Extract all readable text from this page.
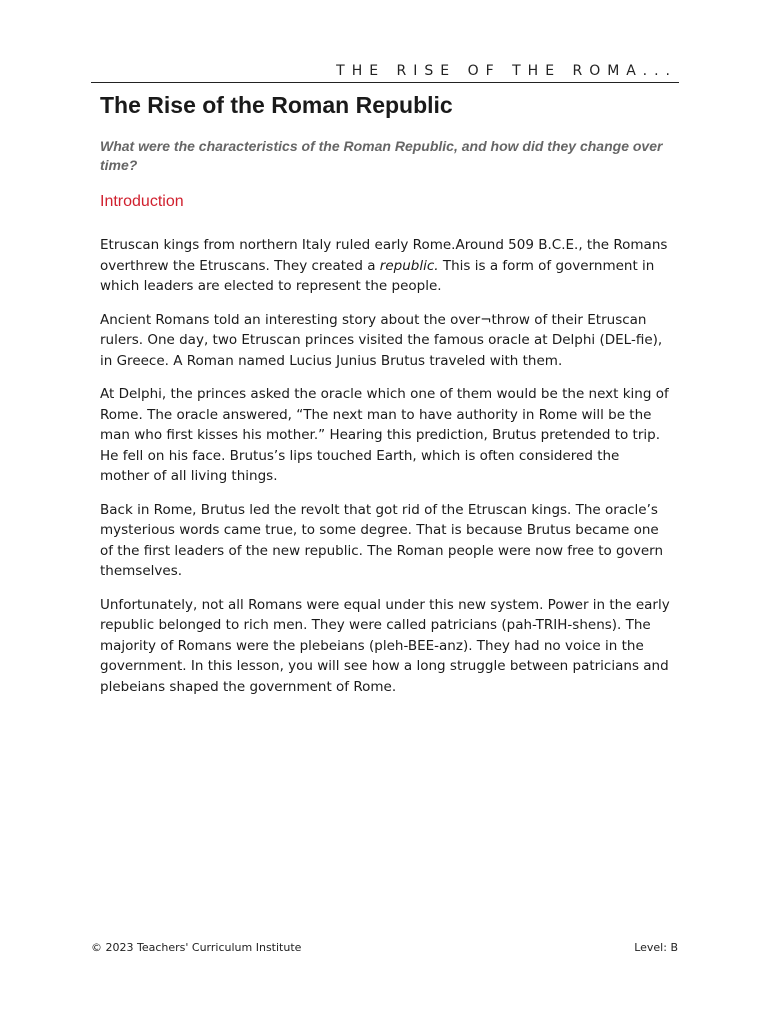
THE RISE OF THE ROMA...
The Rise of the Roman Republic

What were the characteristics of the Roman Republic, and how did they change over time?

Introduction

Etruscan kings from northern Italy ruled early Rome.Around 509 B.C.E., the Romans overthrew the Etruscans. They created a republic. This is a form of government in which leaders are elected to represent the people.

Ancient Romans told an interesting story about the over¬throw of their Etruscan rulers. One day, two Etruscan princes visited the famous oracle at Delphi (DEL-fie), in Greece. A Roman named Lucius Junius Brutus traveled with them.

At Delphi, the princes asked the oracle which one of them would be the next king of Rome. The oracle answered, “The next man to have authority in Rome will be the man who first kisses his mother.” Hearing this prediction, Brutus pretended to trip. He fell on his face. Brutus’s lips touched Earth, which is often considered the mother of all living things.

Back in Rome, Brutus led the revolt that got rid of the Etruscan kings. The oracle’s mysterious words came true, to some degree. That is because Brutus became one of the first leaders of the new republic. The Roman people were now free to govern themselves.

Unfortunately, not all Romans were equal under this new system. Power in the early republic belonged to rich men. They were called patricians (pah-TRIH-shens). The majority of Romans were the plebeians (pleh-BEE-anz). They had no voice in the government. In this lesson, you will see how a long struggle between patricians and plebeians shaped the government of Rome.

© 2023 Teachers' Curriculum Institute	Level: B
